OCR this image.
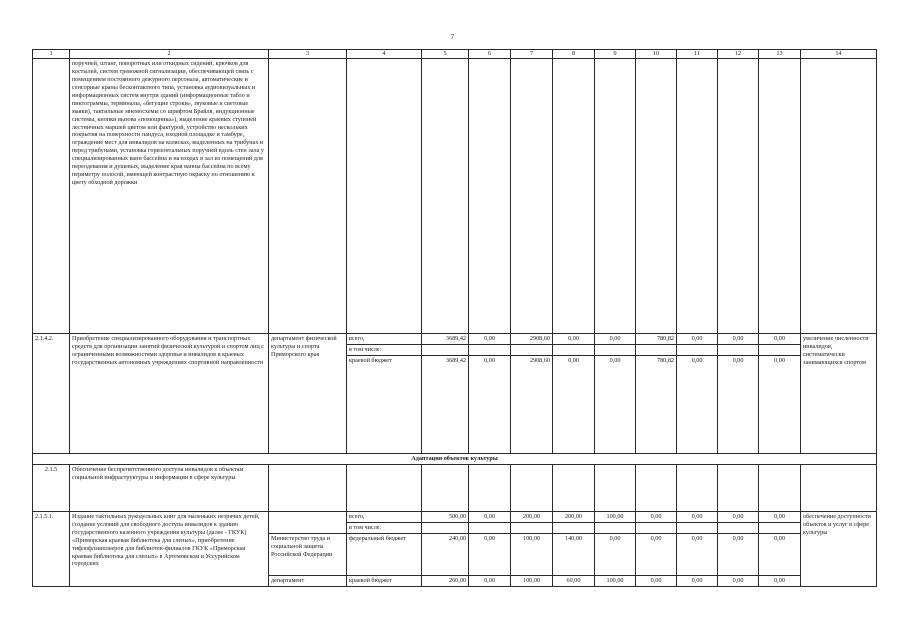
7
1	2	3	4	5	6	7	8	9	10	11	12	13	14
	поручней, штанг, поворотных или откидных сидений, крючков для костылей, систем тревожной сигнализации, обеспечивающей связь с помещением постоянного дежурного персонала, автоматические и сенсорные краны бесконтактного типа, установка аудиовизуальных и информационных систем внутри зданий (информационные табло и пиктограммы, терминалы, «бегущие строки», звуковые и световые маяки), тактильные мнемосхемы со шрифтом Брайля, индукционные системы, кнопки вызова «помощника»), выделение краевых ступеней лестничных маршей цветом или фактурой, устройство нескольких покрытия на поверхности пандуса, входной площадке и тамбуре, ограждение мест для инвалидов на колясках, выделенных на трибунах и перед трибунами, установка горизонтальных поручней вдоль стен зала у специализированных ванн бассейна и на входах в зал из помещений для переодевания и душевых, выделение края ванны бассейна по всему периметру полосой, имеющей контрастную окраску по отношению к цвету обходной дорожки												
2.1.4.2.	Приобретение специализированного оборудования и транспортных средств для организации занятий физической культурой и спортом лиц с ограниченными возможностями здоровья и инвалидов в краевых государственных автономных учреждениях спортивной направленности	департамент физической культуры и спорта Приморского края	всего,	3689,42	0,00	2908,60	0,00	0,00	780,82	0,00	0,00	0,00	увеличение численности инвалидов, систематически занимающихся спортом
			в том числе:										
			краевой бюджет	3689,42	0,00	2908,60	0,00	0,00	780,82	0,00	0,00	0,00	
Адаптация объектов культуры													
2.1.5	Обеспечение беспрепятственного доступа инвалидов к объектам социальной инфраструктуры и информации в сфере культуры												
2.1.5.1.	Издание тактильных рукодельных книг для маленьких незрячих детей, создание условий для свободного доступа инвалидов к зданию государственного казенного учреждения культуры (далее - ГКУК) «Приморская краевая библиотека для слепых», приобретение тифлофлэшплееров для библиотек-филиалов ГКУК «Приморская краевая библиотека для слепых» в Артемовском и Уссурийском городских		всего,	500,00	0,00	200,00	200,00	100,00	0,00	0,00	0,00	0,00	обеспечение доступности объектов и услуг в сфере культуры
			в том числе:										
		Министерство труда и социальной защиты Российской Федерации	федеральный бюджет	240,00	0,00	100,00	140,00	0,00	0,00	0,00	0,00	0,00	
		департамент	краевой бюджет	260,00	0,00	100,00	60,00	100,00	0,00	0,00	0,00	0,00	
